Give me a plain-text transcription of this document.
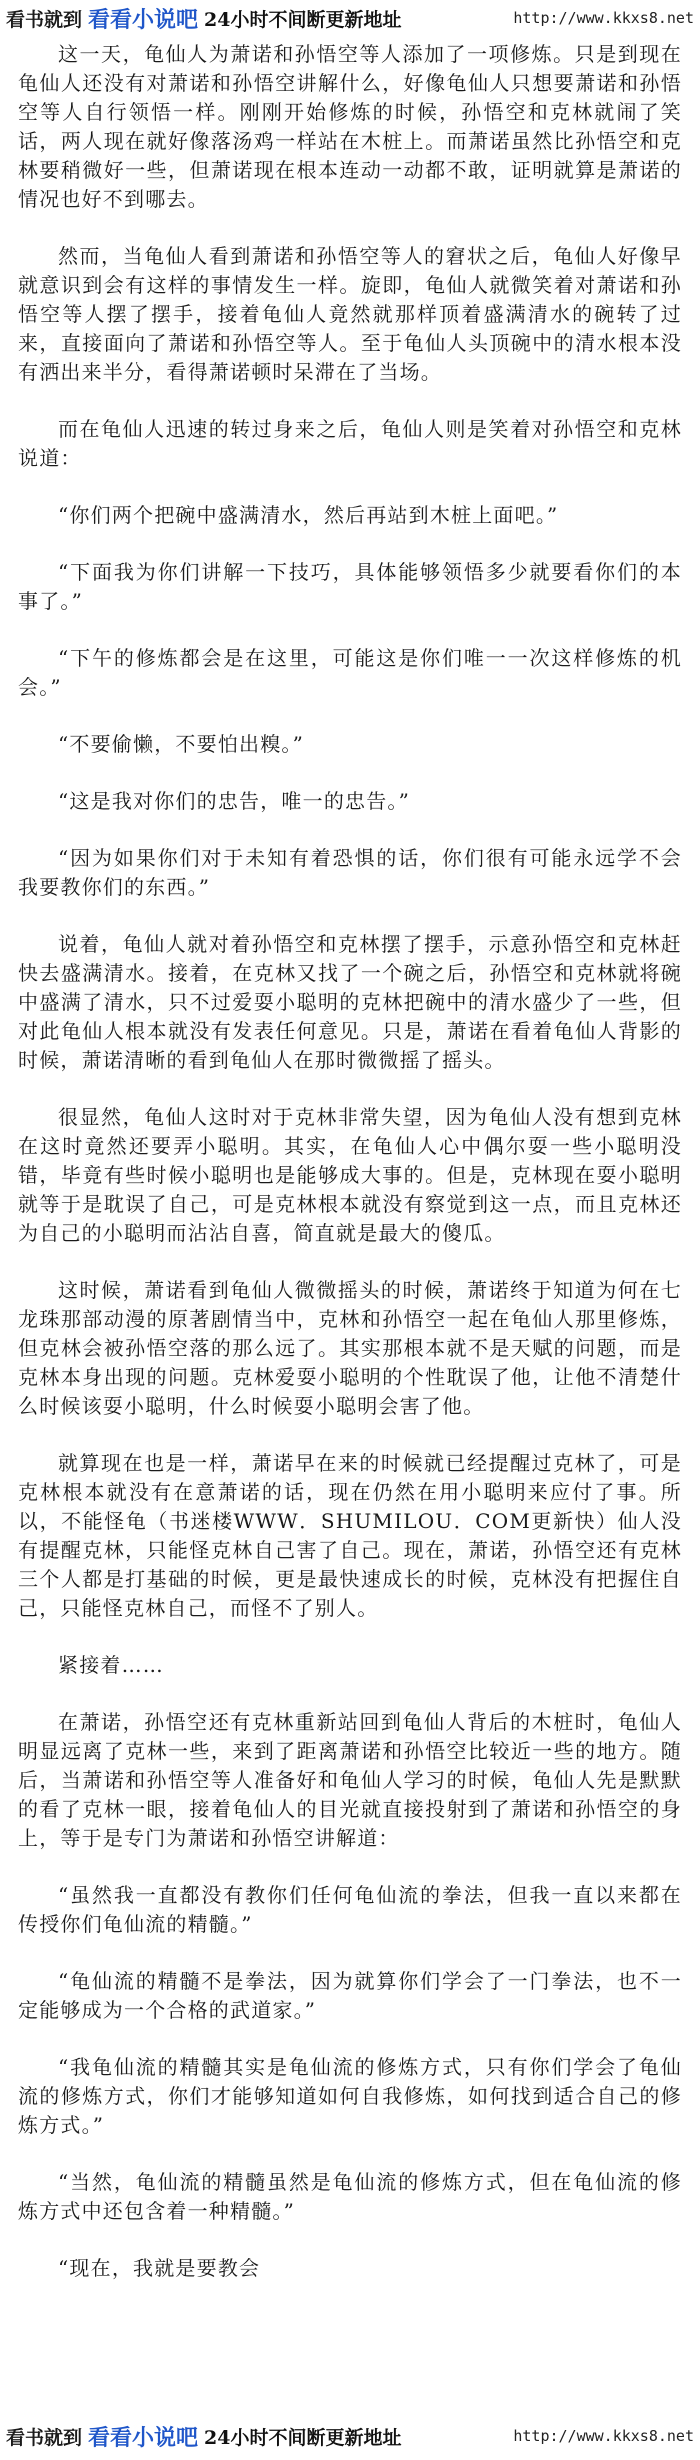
看书就到 看看小说吧 24小时不间断更新地址	http://www.kkxs8.net

这一天，龟仙人为萧诺和孙悟空等人添加了一项修炼。只是到现在龟仙人还没有对萧诺和孙悟空讲解什么，好像龟仙人只想要萧诺和孙悟空等人自行领悟一样。刚刚开始修炼的时候，孙悟空和克林就闹了笑话，两人现在就好像落汤鸡一样站在木桩上。而萧诺虽然比孙悟空和克林要稍微好一些，但萧诺现在根本连动一动都不敢，证明就算是萧诺的情况也好不到哪去。

然而，当龟仙人看到萧诺和孙悟空等人的窘状之后，龟仙人好像早就意识到会有这样的事情发生一样。旋即，龟仙人就微笑着对萧诺和孙悟空等人摆了摆手，接着龟仙人竟然就那样顶着盛满清水的碗转了过来，直接面向了萧诺和孙悟空等人。至于龟仙人头顶碗中的清水根本没有洒出来半分，看得萧诺顿时呆滞在了当场。

而在龟仙人迅速的转过身来之后，龟仙人则是笑着对孙悟空和克林说道：

“你们两个把碗中盛满清水，然后再站到木桩上面吧。”

“下面我为你们讲解一下技巧，具体能够领悟多少就要看你们的本事了。”

“下午的修炼都会是在这里，可能这是你们唯一一次这样修炼的机会。”

“不要偷懒，不要怕出糗。”

“这是我对你们的忠告，唯一的忠告。”

“因为如果你们对于未知有着恐惧的话，你们很有可能永远学不会我要教你们的东西。”

说着，龟仙人就对着孙悟空和克林摆了摆手，示意孙悟空和克林赶快去盛满清水。接着，在克林又找了一个碗之后，孙悟空和克林就将碗中盛满了清水，只不过爱耍小聪明的克林把碗中的清水盛少了一些，但对此龟仙人根本就没有发表任何意见。只是，萧诺在看着龟仙人背影的时候，萧诺清晰的看到龟仙人在那时微微摇了摇头。

很显然，龟仙人这时对于克林非常失望，因为龟仙人没有想到克林在这时竟然还要弄小聪明。其实，在龟仙人心中偶尔耍一些小聪明没错，毕竟有些时候小聪明也是能够成大事的。但是，克林现在耍小聪明就等于是耽误了自己，可是克林根本就没有察觉到这一点，而且克林还为自己的小聪明而沾沾自喜，简直就是最大的傻瓜。

这时候，萧诺看到龟仙人微微摇头的时候，萧诺终于知道为何在七龙珠那部动漫的原著剧情当中，克林和孙悟空一起在龟仙人那里修炼，但克林会被孙悟空落的那么远了。其实那根本就不是天赋的问题，而是克林本身出现的问题。克林爱耍小聪明的个性耽误了他，让他不清楚什么时候该耍小聪明，什么时候耍小聪明会害了他。

就算现在也是一样，萧诺早在来的时候就已经提醒过克林了，可是克林根本就没有在意萧诺的话，现在仍然在用小聪明来应付了事。所以，不能怪龟（书迷楼WWW．SHUMILOU．COM更新快）仙人没有提醒克林，只能怪克林自己害了自己。现在，萧诺，孙悟空还有克林三个人都是打基础的时候，更是最快速成长的时候，克林没有把握住自己，只能怪克林自己，而怪不了别人。

紧接着……

在萧诺，孙悟空还有克林重新站回到龟仙人背后的木桩时，龟仙人明显远离了克林一些，来到了距离萧诺和孙悟空比较近一些的地方。随后，当萧诺和孙悟空等人准备好和龟仙人学习的时候，龟仙人先是默默的看了克林一眼，接着龟仙人的目光就直接投射到了萧诺和孙悟空的身上，等于是专门为萧诺和孙悟空讲解道：

“虽然我一直都没有教你们任何龟仙流的拳法，但我一直以来都在传授你们龟仙流的精髓。”

“龟仙流的精髓不是拳法，因为就算你们学会了一门拳法，也不一定能够成为一个合格的武道家。”

“我龟仙流的精髓其实是龟仙流的修炼方式，只有你们学会了龟仙流的修炼方式，你们才能够知道如何自我修炼，如何找到适合自己的修炼方式。”

“当然，龟仙流的精髓虽然是龟仙流的修炼方式，但在龟仙流的修炼方式中还包含着一种精髓。”

“现在，我就是要教会

看书就到 看看小说吧 24小时不间断更新地址	http://www.kkxs8.net
